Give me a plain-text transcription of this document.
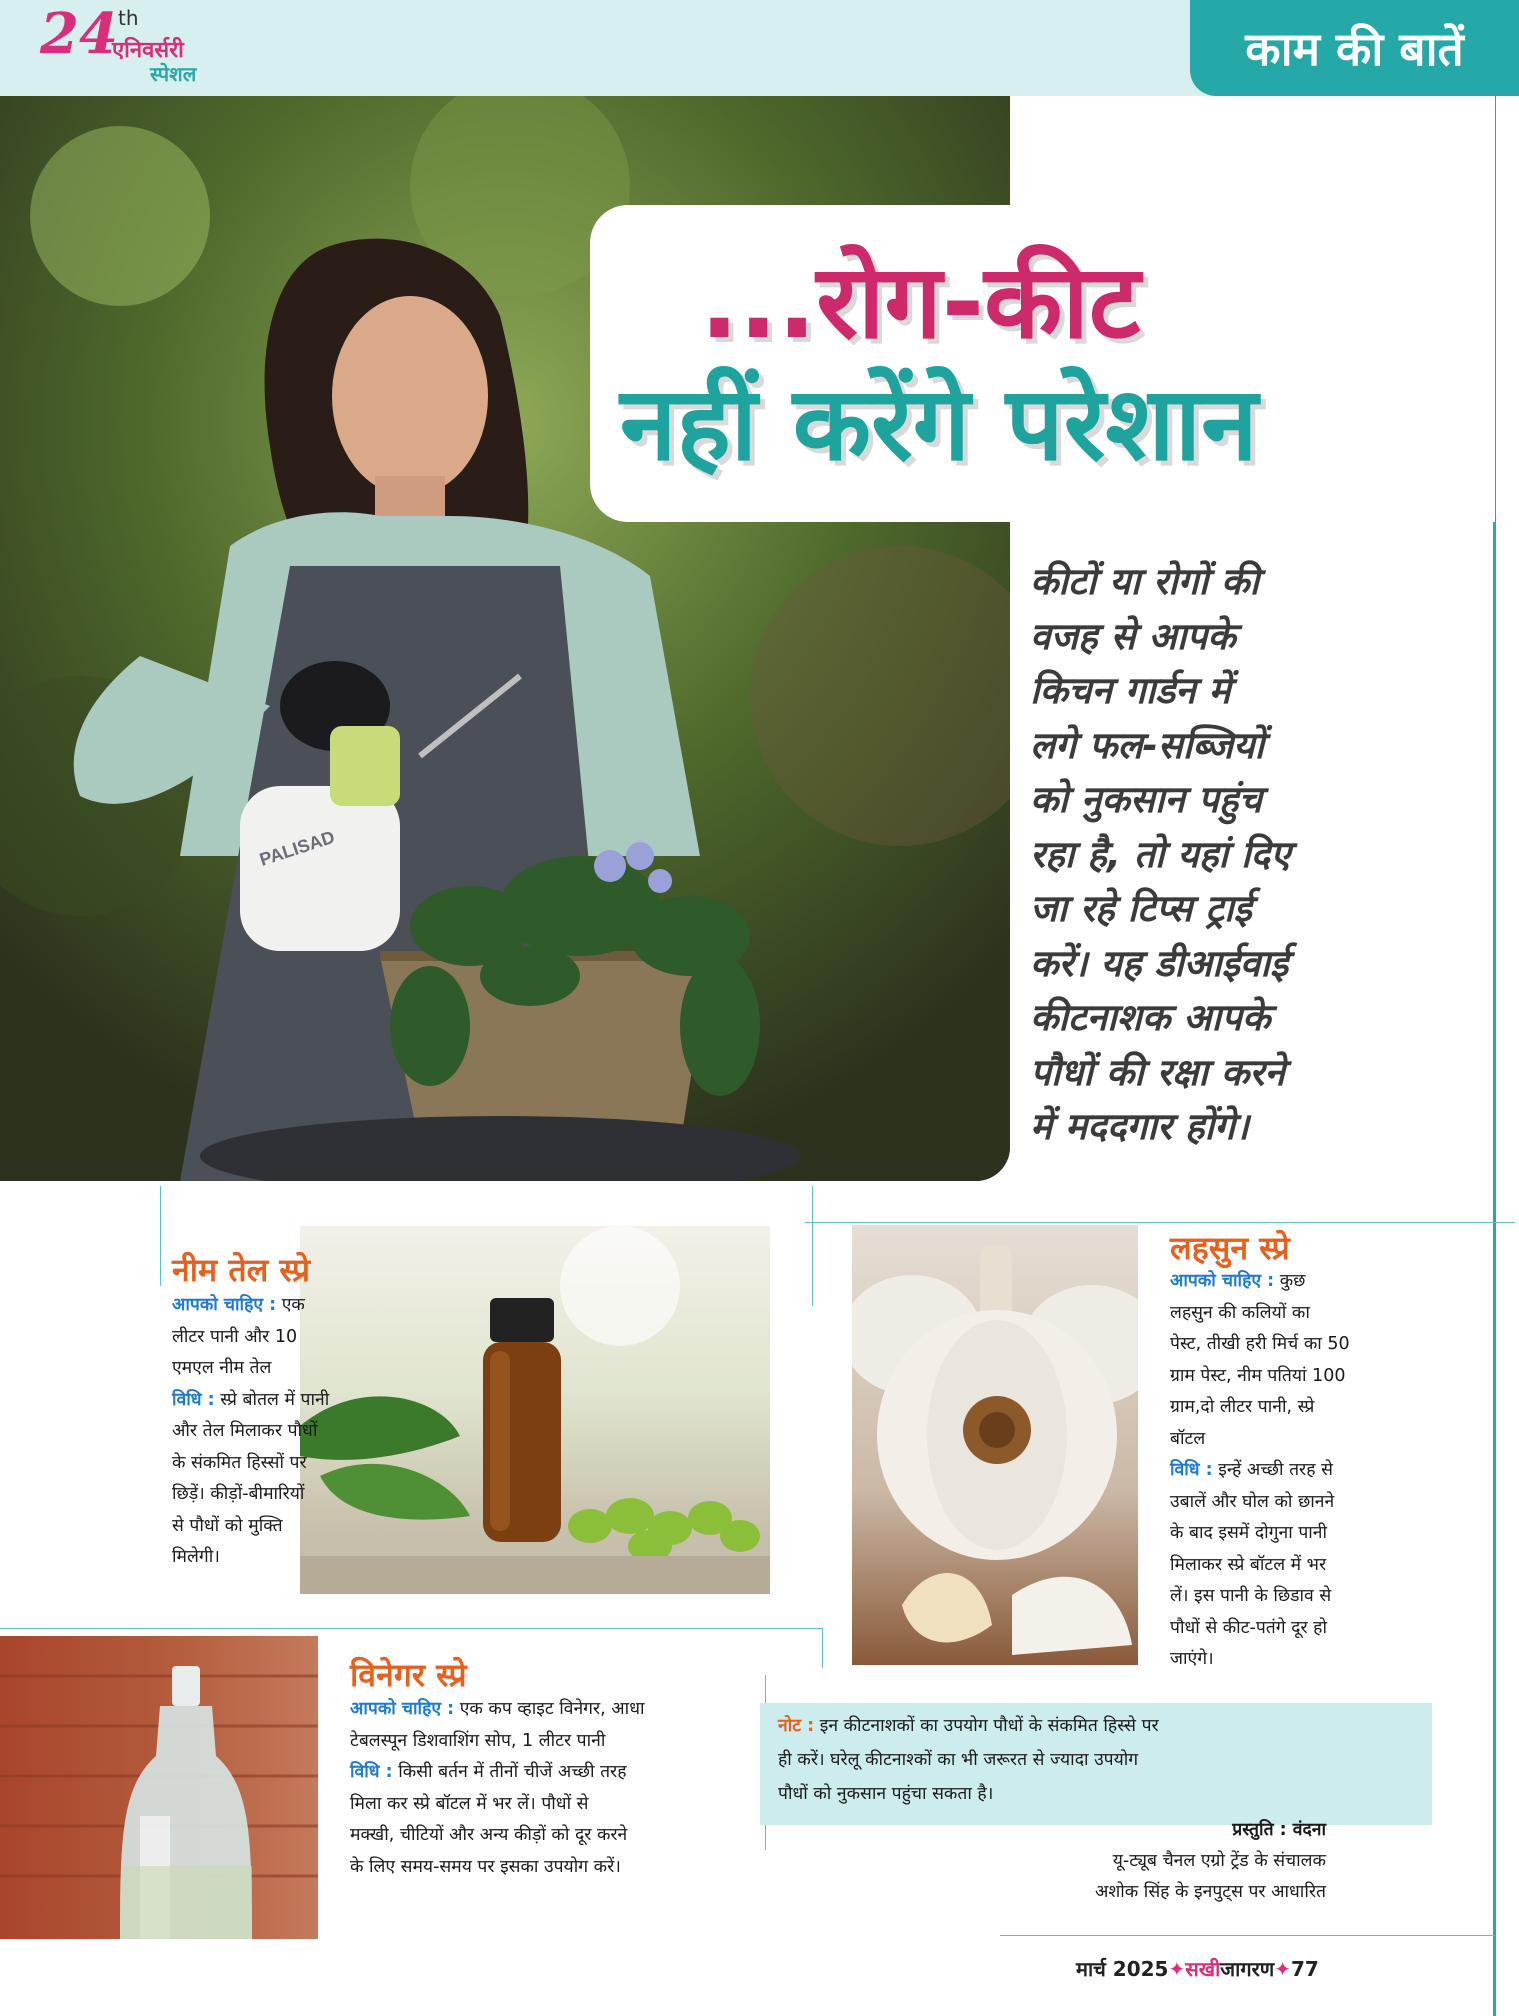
24 th
एनिवर्सरी
स्पेशल	काम की बातें
PALISAD
...रोग-कीट
नहीं करेंगे परेशान
कीटों या रोगों की
वजह से आपके
किचन गार्डन में
लगे फल-सब्जियों
को नुकसान पहुंच
रहा है, तो यहां दिए
जा रहे टिप्स ट्राई
करें। यह डीआईवाई
कीटनाशक आपके
पौधों की रक्षा करने
में मददगार होंगे।
नीम तेल स्प्रे
आपको चाहिए : एक
लीटर पानी और 10
एमएल नीम तेल
विधि : स्प्रे बोतल में पानी
और तेल मिलाकर पौधों
के संकमित हिस्सों पर
छिड़ें। कीड़ों-बीमारियों
से पौधों को मुक्ति
मिलेगी।
लहसुन स्प्रे
आपको चाहिए : कुछ
लहसुन की कलियों का
पेस्ट, तीखी हरी मिर्च का 50
ग्राम पेस्ट, नीम पतियां 100
ग्राम,दो लीटर पानी, स्प्रे
बॉटल
विधि : इन्हें अच्छी तरह से
उबालें और घोल को छानने
के बाद इसमें दोगुना पानी
मिलाकर स्प्रे बॉटल में भर
लें। इस पानी के छिडाव से
पौधों से कीट-पतंगे दूर हो
जाएंगे।
विनेगर स्प्रे
आपको चाहिए : एक कप व्हाइट विनेगर, आधा
टेबलस्पून डिशवाशिंग सोप, 1 लीटर पानी
विधि : किसी बर्तन में तीनों चीजें अच्छी तरह
मिला कर स्प्रे बॉटल में भर लें। पौधों से
मक्खी, चीटियों और अन्य कीड़ों को दूर करने
के लिए समय-समय पर इसका उपयोग करें।
नोट : इन कीटनाशकों का उपयोग पौधों के संकमित हिस्से पर
ही करें। घरेलू कीटनाश्कों का भी जरूरत से ज्यादा उपयोग
पौधों को नुकसान पहुंचा सकता है।
प्रस्तुति : वंदना
यू-ट्यूब चैनल एग्रो ट्रेंड के संचालक
अशोक सिंह के इनपुट्स पर आधारित
मार्च 2025✦सखीजागरण✦77
